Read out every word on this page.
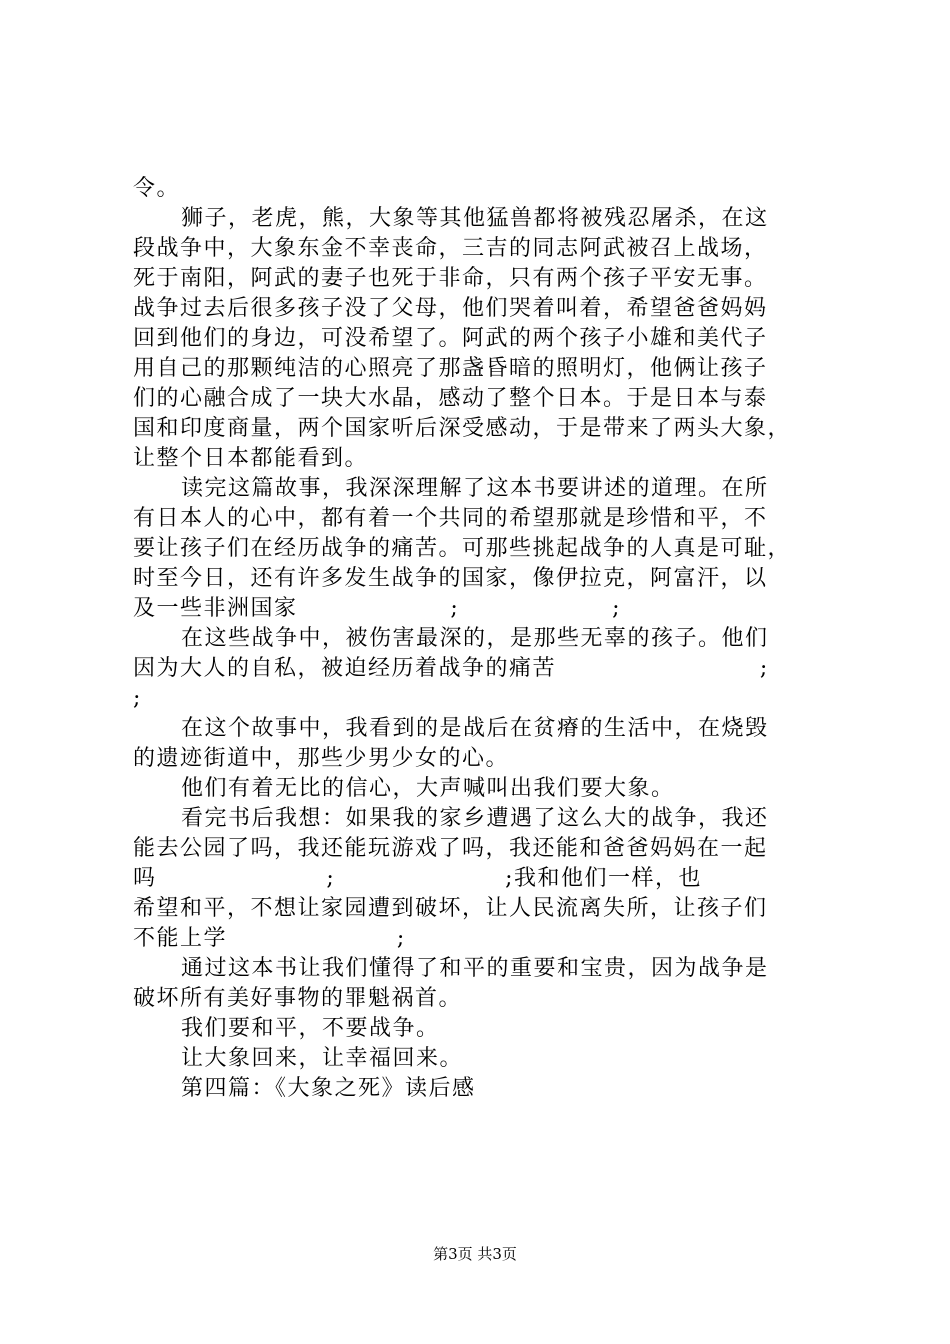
令。
狮子，老虎，熊，大象等其他猛兽都将被残忍屠杀，在这
段战争中，大象东金不幸丧命，三吉的同志阿武被召上战场，
死于南阳，阿武的妻子也死于非命，只有两个孩子平安无事。
战争过去后很多孩子没了父母，他们哭着叫着，希望爸爸妈妈
回到他们的身边，可没希望了。阿武的两个孩子小雄和美代子
用自己的那颗纯洁的心照亮了那盏昏暗的照明灯，他俩让孩子
们的心融合成了一块大水晶，感动了整个日本。于是日本与泰
国和印度商量，两个国家听后深受感动，于是带来了两头大象，
让整个日本都能看到。
读完这篇故事，我深深理解了这本书要讲述的道理。在所
有日本人的心中，都有着一个共同的希望那就是珍惜和平，不
要让孩子们在经历战争的痛苦。可那些挑起战争的人真是可耻，
时至今日，还有许多发生战争的国家，像伊拉克，阿富汗，以
及一些非洲国家                  ;                  ;
在这些战争中，被伤害最深的，是那些无辜的孩子。他们
因为大人的自私，被迫经历着战争的痛苦                        ;
;
在这个故事中，我看到的是战后在贫瘠的生活中，在烧毁
的遗迹街道中，那些少男少女的心。
他们有着无比的信心，大声喊叫出我们要大象。
看完书后我想：如果我的家乡遭遇了这么大的战争，我还
能去公园了吗，我还能玩游戏了吗，我还能和爸爸妈妈在一起
吗                    ;                    ;我和他们一样，也
希望和平，不想让家园遭到破坏，让人民流离失所，让孩子们
不能上学                    ;
通过这本书让我们懂得了和平的重要和宝贵，因为战争是
破坏所有美好事物的罪魁祸首。
我们要和平，不要战争。
让大象回来，让幸福回来。
第四篇：《大象之死》读后感
第3页 共3页
